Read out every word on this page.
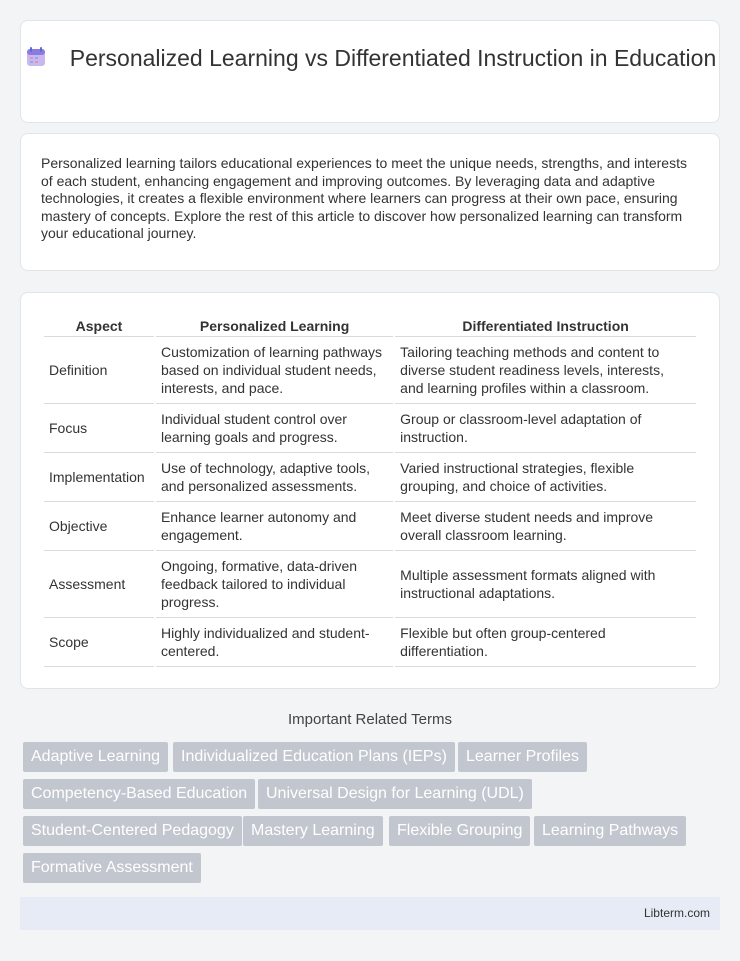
Personalized Learning vs Differentiated Instruction in Education

Personalized learning tailors educational experiences to meet the unique needs, strengths, and interests of each student, enhancing engagement and improving outcomes. By leveraging data and adaptive technologies, it creates a flexible environment where learners can progress at their own pace, ensuring mastery of concepts. Explore the rest of this article to discover how personalized learning can transform your educational journey.

Aspect	Personalized Learning	Differentiated Instruction
Definition	Customization of learning pathways based on individual student needs, interests, and pace.	Tailoring teaching methods and content to diverse student readiness levels, interests, and learning profiles within a classroom.
Focus	Individual student control over learning goals and progress.	Group or classroom-level adaptation of instruction.
Implementation	Use of technology, adaptive tools, and personalized assessments.	Varied instructional strategies, flexible grouping, and choice of activities.
Objective	Enhance learner autonomy and engagement.	Meet diverse student needs and improve overall classroom learning.
Assessment	Ongoing, formative, data-driven feedback tailored to individual progress.	Multiple assessment formats aligned with instructional adaptations.
Scope	Highly individualized and student-centered.	Flexible but often group-centered differentiation.
Important Related Terms
Adaptive Learning	Individualized Education Plans (IEPs)	Learner Profiles
Competency-Based Education	Universal Design for Learning (UDL)
Student-Centered Pedagogy	Mastery Learning	Flexible Grouping	Learning Pathways
Formative Assessment
Libterm.com
